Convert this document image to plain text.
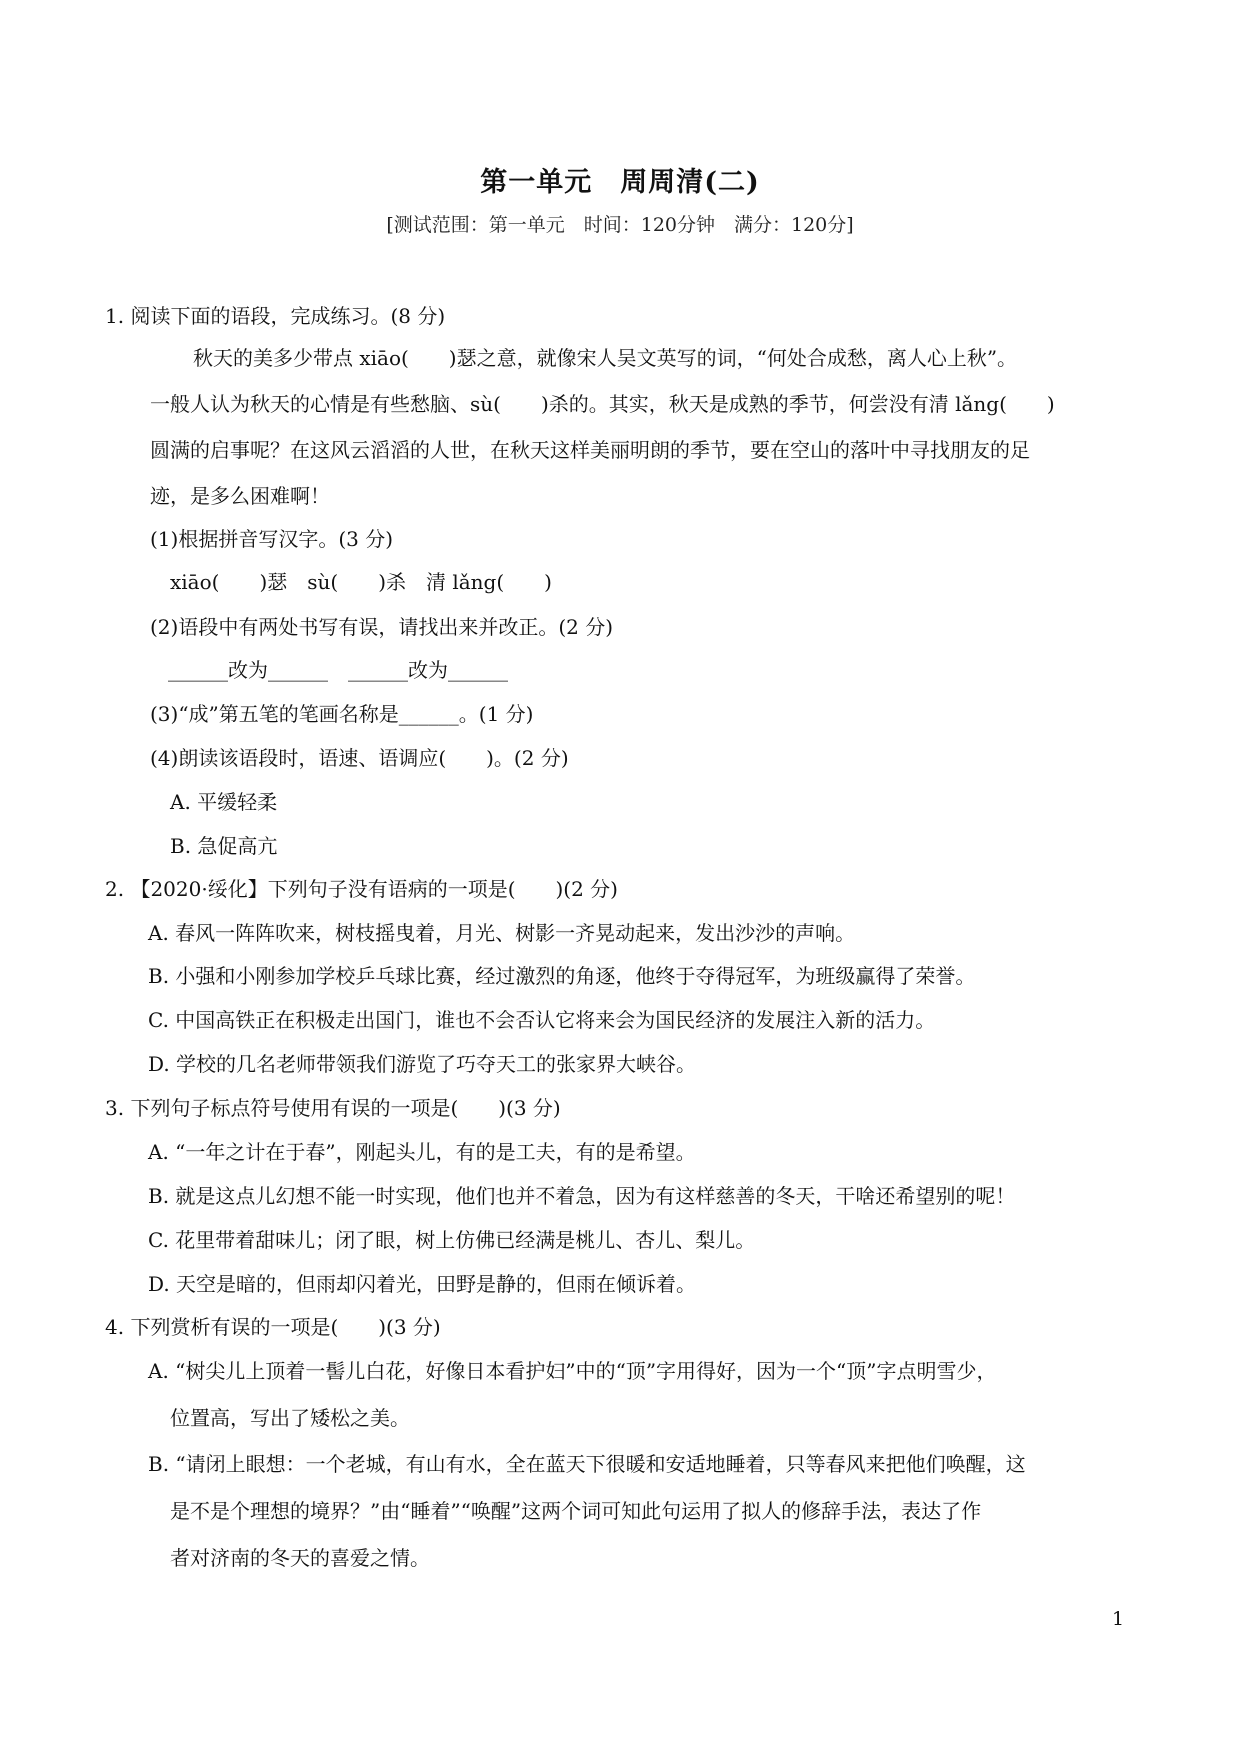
第一单元　周周清(二)
[测试范围：第一单元　时间：120分钟　满分：120分]
1. 阅读下面的语段，完成练习。(8 分)
秋天的美多少带点 xiāo(　　)瑟之意，就像宋人吴文英写的词，“何处合成愁，离人心上秋”。
一般人认为秋天的心情是有些愁脑、sù(　　)杀的。其实，秋天是成熟的季节，何尝没有清 lǎng(　　)
圆满的启事呢？在这风云滔滔的人世，在秋天这样美丽明朗的季节，要在空山的落叶中寻找朋友的足
迹，是多么困难啊！
(1)根据拼音写汉字。(3 分)
xiāo(　　)瑟　sù(　　)杀　清 lǎng(　　)
(2)语段中有两处书写有误，请找出来并改正。(2 分)
______改为______　______改为______
(3)“成”第五笔的笔画名称是______。(1 分)
(4)朗读该语段时，语速、语调应(　　)。(2 分)
A. 平缓轻柔
B. 急促高亢
2. 【2020·绥化】下列句子没有语病的一项是(　　)(2 分)
A. 春风一阵阵吹来，树枝摇曳着，月光、树影一齐晃动起来，发出沙沙的声响。
B. 小强和小刚参加学校乒乓球比赛，经过激烈的角逐，他终于夺得冠军，为班级赢得了荣誉。
C. 中国高铁正在积极走出国门，谁也不会否认它将来会为国民经济的发展注入新的活力。
D. 学校的几名老师带领我们游览了巧夺天工的张家界大峡谷。
3. 下列句子标点符号使用有误的一项是(　　)(3 分)
A. “一年之计在于春”，刚起头儿，有的是工夫，有的是希望。
B. 就是这点儿幻想不能一时实现，他们也并不着急，因为有这样慈善的冬天，干啥还希望别的呢！
C. 花里带着甜味儿；闭了眼，树上仿佛已经满是桃儿、杏儿、梨儿。
D. 天空是暗的，但雨却闪着光，田野是静的，但雨在倾诉着。
4. 下列赏析有误的一项是(　　)(3 分)
A. “树尖儿上顶着一髻儿白花，好像日本看护妇”中的“顶”字用得好，因为一个“顶”字点明雪少，
位置高，写出了矮松之美。
B. “请闭上眼想：一个老城，有山有水，全在蓝天下很暖和安适地睡着，只等春风来把他们唤醒，这
是不是个理想的境界？”由“睡着”“唤醒”这两个词可知此句运用了拟人的修辞手法，表达了作
者对济南的冬天的喜爱之情。
1
